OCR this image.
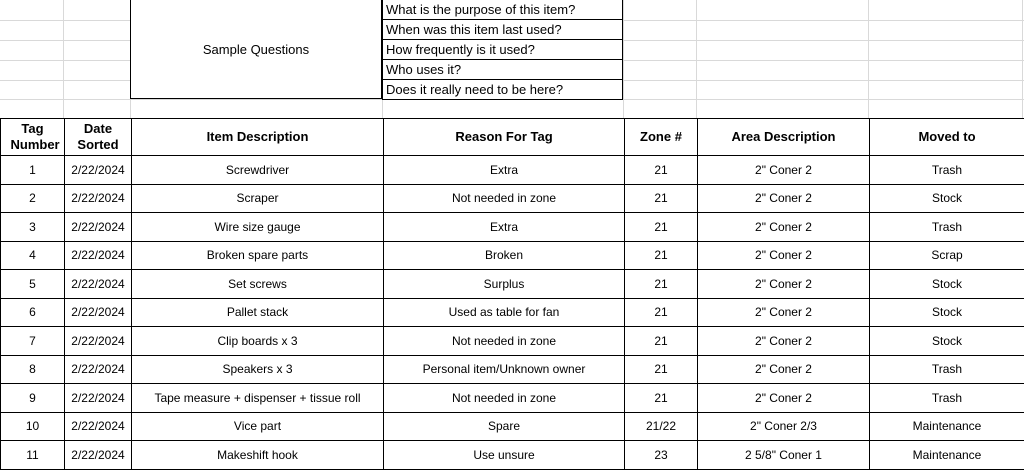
Sample Questions
What is the purpose of this item?
When was this item last used?
How frequently is it used?
Who uses it?
Does it really need to be here?
Tag Number	Date Sorted	Item Description	Reason For Tag	Zone #	Area Description	Moved to
1	2/22/2024	Screwdriver	Extra	21	2" Coner 2	Trash
2	2/22/2024	Scraper	Not needed in zone	21	2" Coner 2	Stock
3	2/22/2024	Wire size gauge	Extra	21	2" Coner 2	Trash
4	2/22/2024	Broken spare parts	Broken	21	2" Coner 2	Scrap
5	2/22/2024	Set screws	Surplus	21	2" Coner 2	Stock
6	2/22/2024	Pallet stack	Used as table for fan	21	2" Coner 2	Stock
7	2/22/2024	Clip boards x 3	Not needed in zone	21	2" Coner 2	Stock
8	2/22/2024	Speakers x 3	Personal item/Unknown owner	21	2" Coner 2	Trash
9	2/22/2024	Tape measure + dispenser + tissue roll	Not needed in zone	21	2" Coner 2	Trash
10	2/22/2024	Vice part	Spare	21/22	2" Coner 2/3	Maintenance
11	2/22/2024	Makeshift hook	Use unsure	23	2 5/8" Coner 1	Maintenance
